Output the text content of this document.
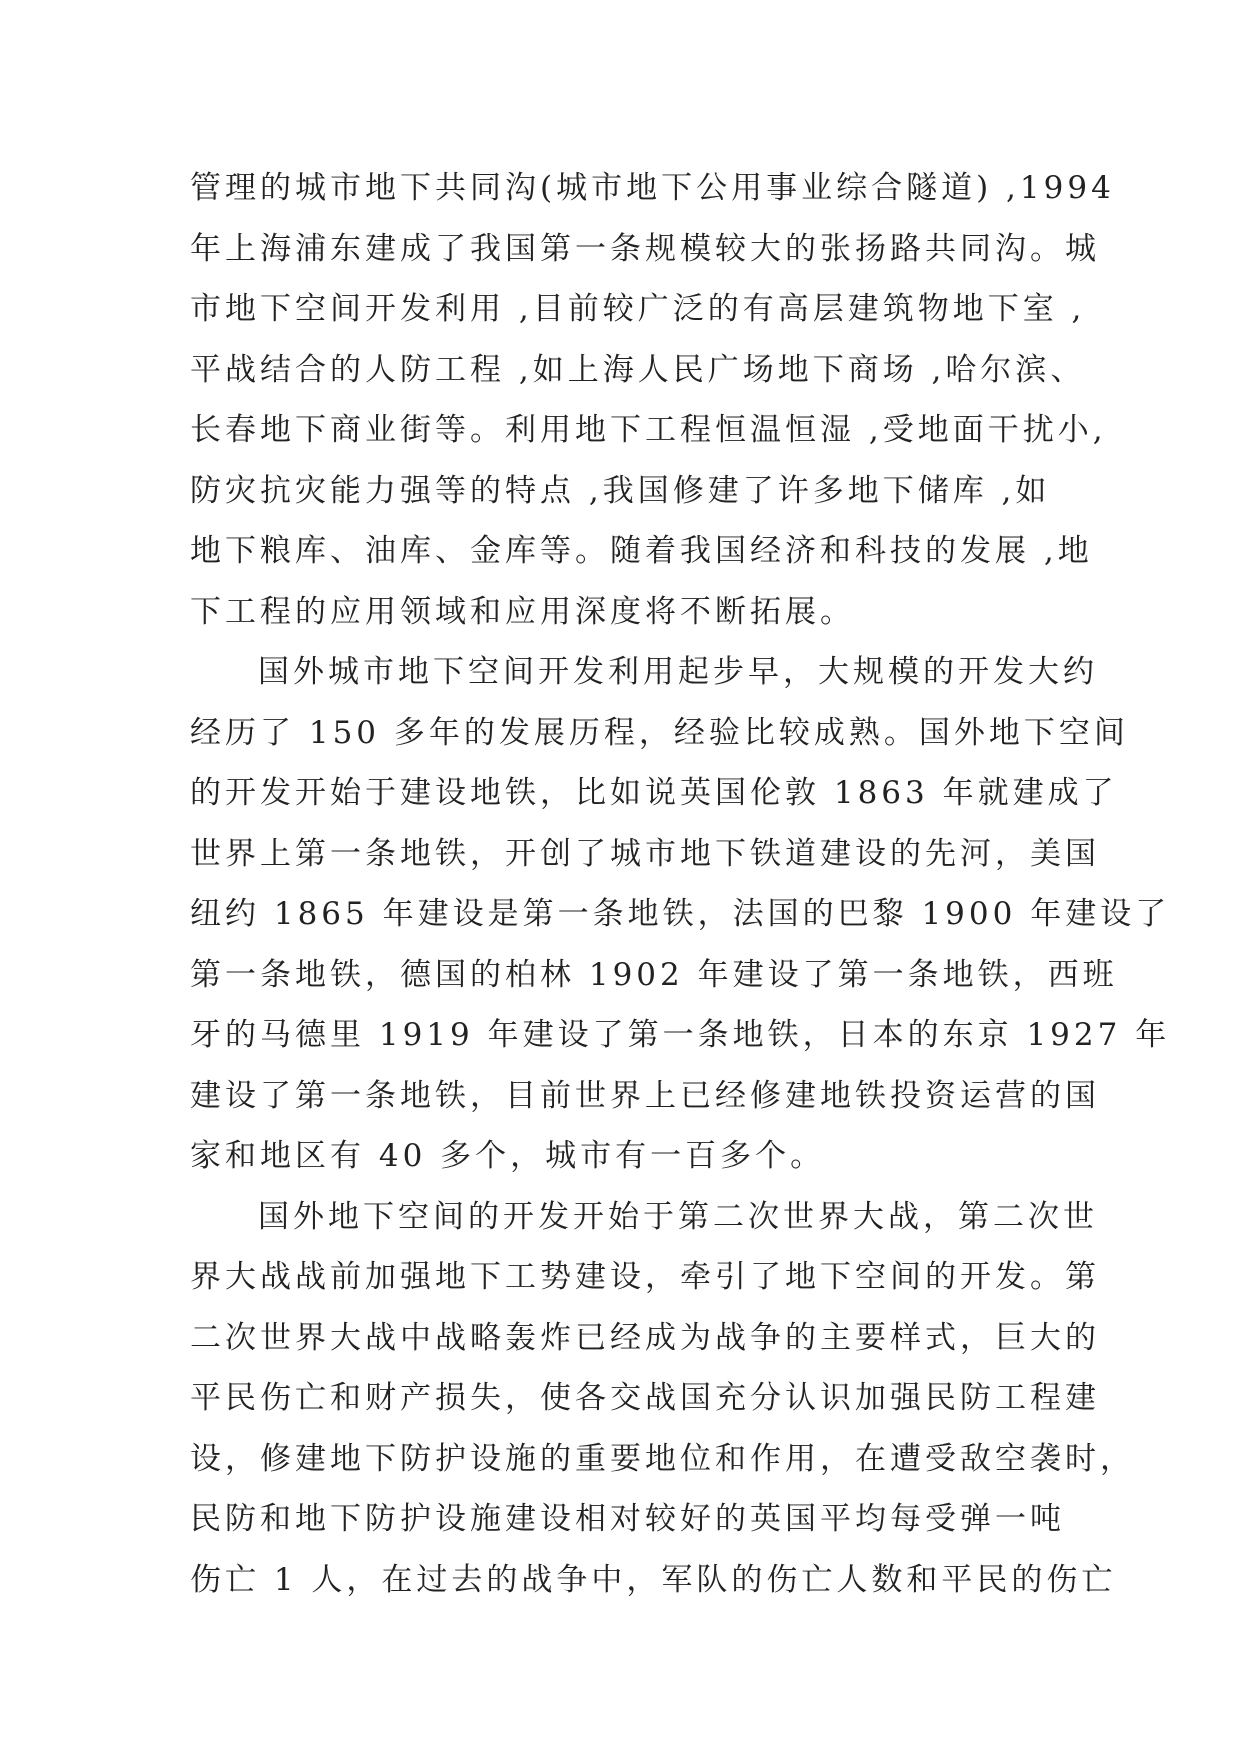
管理的城市地下共同沟(城市地下公用事业综合隧道) ,1994
年上海浦东建成了我国第一条规模较大的张扬路共同沟。城
市地下空间开发利用 ,目前较广泛的有高层建筑物地下室 ,
平战结合的人防工程 ,如上海人民广场地下商场 ,哈尔滨、
长春地下商业街等。利用地下工程恒温恒湿 ,受地面干扰小,
防灾抗灾能力强等的特点 ,我国修建了许多地下储库 ,如
地下粮库、油库、金库等。随着我国经济和科技的发展 ,地
下工程的应用领域和应用深度将不断拓展。
国外城市地下空间开发利用起步早，大规模的开发大约
经历了 150 多年的发展历程，经验比较成熟。国外地下空间
的开发开始于建设地铁，比如说英国伦敦 1863 年就建成了
世界上第一条地铁，开创了城市地下铁道建设的先河，美国
纽约 1865 年建设是第一条地铁，法国的巴黎 1900 年建设了
第一条地铁，德国的柏林 1902 年建设了第一条地铁，西班
牙的马德里 1919 年建设了第一条地铁，日本的东京 1927 年
建设了第一条地铁，目前世界上已经修建地铁投资运营的国
家和地区有 40 多个，城市有一百多个。
国外地下空间的开发开始于第二次世界大战，第二次世
界大战战前加强地下工势建设，牵引了地下空间的开发。第
二次世界大战中战略轰炸已经成为战争的主要样式，巨大的
平民伤亡和财产损失，使各交战国充分认识加强民防工程建
设，修建地下防护设施的重要地位和作用，在遭受敌空袭时，
民防和地下防护设施建设相对较好的英国平均每受弹一吨
伤亡 1 人，在过去的战争中，军队的伤亡人数和平民的伤亡
